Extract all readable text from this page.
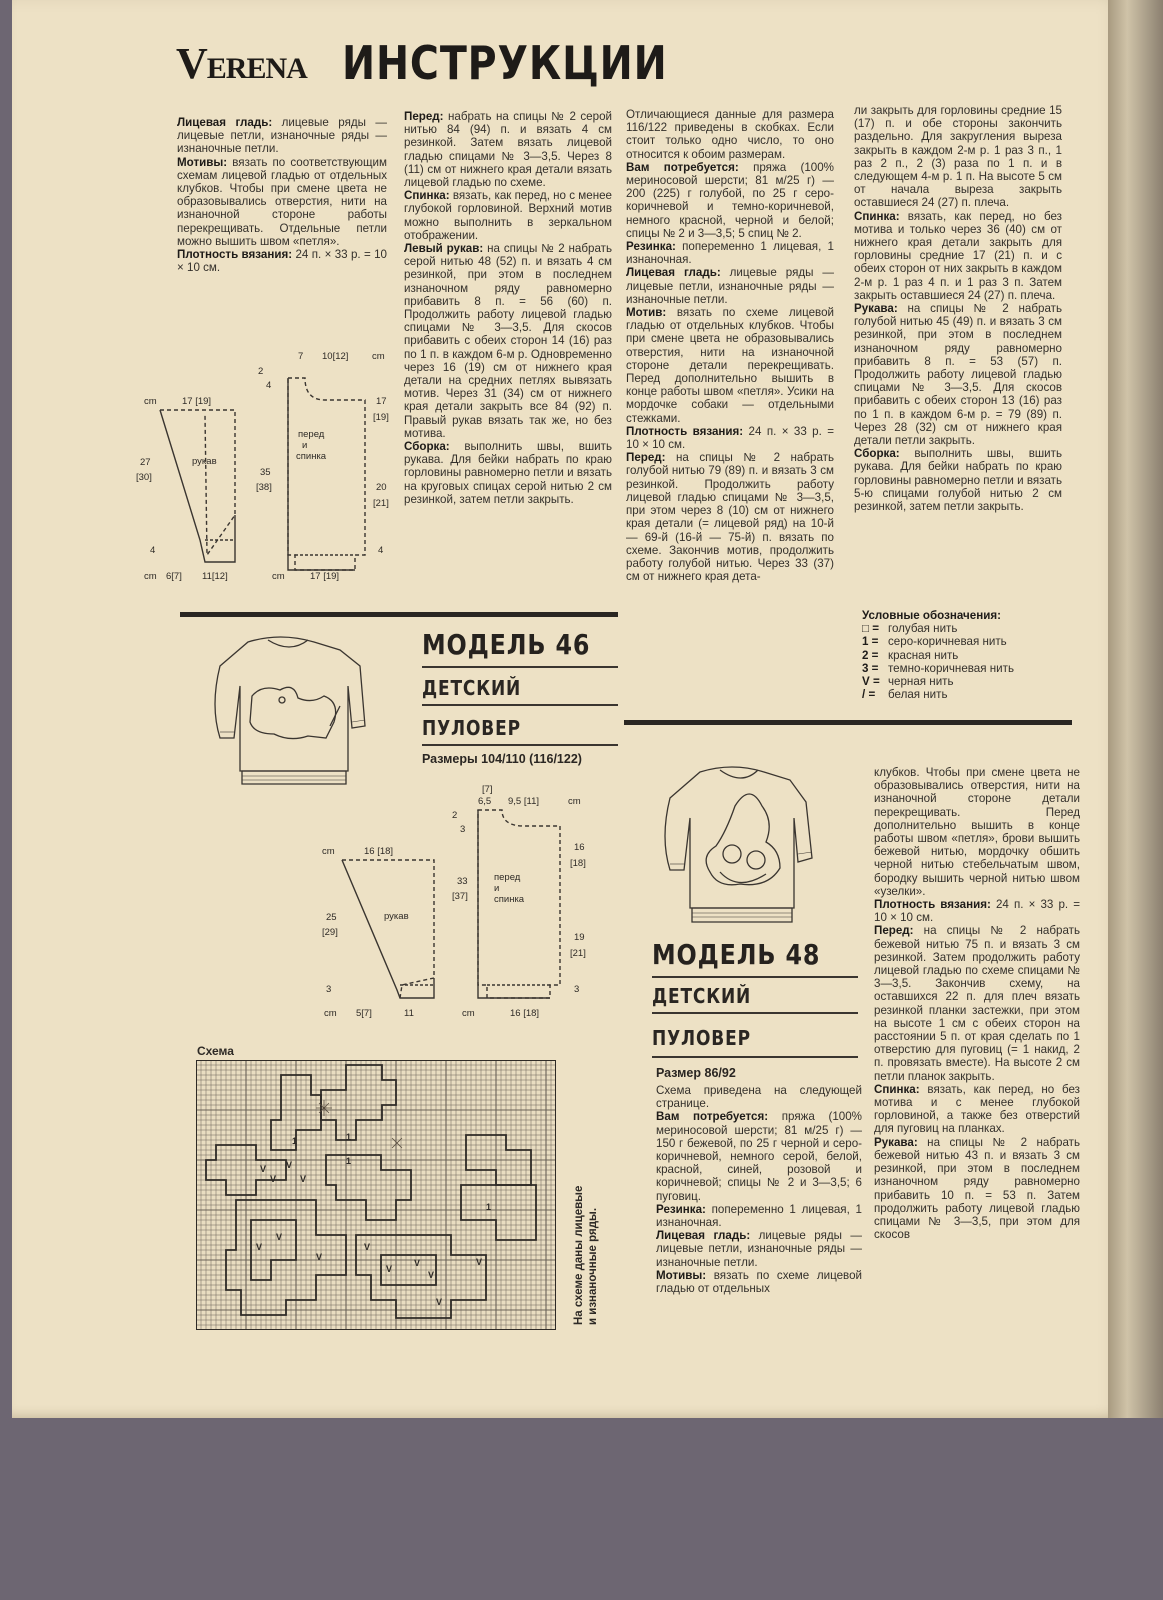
VERENA ИНСТРУКЦИИ

Лицевая гладь: лицевые ряды — лицевые петли, изнаночные ряды — изнаночные петли.

Мотивы: вязать по соответствующим схемам лицевой гладью от отдельных клубков. Чтобы при смене цвета не образовывались отверстия, нити на изнаночной стороне работы перекрещивать. Отдельные петли можно вышить швом «петля».

Плотность вязания: 24 п. × 33 р. = 10 × 10 см.

Перед: набрать на спицы № 2 серой нитью 84 (94) п. и вязать 4 см резинкой. Затем вязать лицевой гладью спицами № 3—3,5. Через 8 (11) см от нижнего края детали вязать лицевой гладью по схеме.

Спинка: вязать, как перед, но с менее глубокой горловиной. Верхний мотив можно выполнить в зеркальном отображении.

Левый рукав: на спицы № 2 набрать серой нитью 48 (52) п. и вязать 4 см резинкой, при этом в последнем изнаночном ряду равномерно прибавить 8 п. = 56 (60) п. Продолжить работу лицевой гладью спицами № 3—3,5. Для скосов прибавить с обеих сторон 14 (16) раз по 1 п. в каждом 6-м р. Одновременно через 16 (19) см от нижнего края детали на средних петлях вывязать мотив. Через 31 (34) см от нижнего края детали закрыть все 84 (92) п. Правый рукав вязать так же, но без мотива.

Сборка: выполнить швы, вшить рукава. Для бейки набрать по краю горловины равномерно петли и вязать на круговых спицах серой нитью 2 см резинкой, затем петли закрыть.

Отличающиеся данные для размера 116/122 приведены в скобках. Если стоит только одно число, то оно относится к обоим размерам.

Вам потребуется: пряжа (100% мериносовой шерсти; 81 м/25 г) — 200 (225) г голубой, по 25 г серо-коричневой и темно-коричневой, немного красной, черной и белой; спицы № 2 и 3—3,5; 5 спиц № 2.

Резинка: попеременно 1 лицевая, 1 изнаночная.

Лицевая гладь: лицевые ряды — лицевые петли, изнаночные ряды — изнаночные петли.

Мотив: вязать по схеме лицевой гладью от отдельных клубков. Чтобы при смене цвета не образовывались отверстия, нити на изнаночной стороне детали перекрещивать. Перед дополнительно вышить в конце работы швом «петля». Усики на мордочке собаки — отдельными стежками.

Плотность вязания: 24 п. × 33 р. = 10 × 10 см.

Перед: на спицы № 2 набрать голубой нитью 79 (89) п. и вязать 3 см резинкой. Продолжить работу лицевой гладью спицами № 3—3,5, при этом через 8 (10) см от нижнего края детали (= лицевой ряд) на 10-й — 69-й (16-й — 75-й) п. вязать по схеме. Закончив мотив, продолжить работу голубой нитью. Через 33 (37) см от нижнего края дета-

ли закрыть для горловины средние 15 (17) п. и обе стороны закончить раздельно. Для закругления выреза закрыть в каждом 2-м р. 1 раз 3 п., 1 раз 2 п., 2 (3) раза по 1 п. и в следующем 4-м р. 1 п. На высоте 5 см от начала выреза закрыть оставшиеся 24 (27) п. плеча.

Спинка: вязать, как перед, но без мотива и только через 36 (40) см от нижнего края детали закрыть для горловины средние 17 (21) п. и с обеих сторон от них закрыть в каждом 2-м р. 1 раз 4 п. и 1 раз 3 п. Затем закрыть оставшиеся 24 (27) п. плеча.

Рукава: на спицы № 2 набрать голубой нитью 45 (49) п. и вязать 3 см резинкой, при этом в последнем изнаночном ряду равномерно прибавить 8 п. = 53 (57) п. Продолжить работу лицевой гладью спицами № 3—3,5. Для скосов прибавить с обеих сторон 13 (16) раз по 1 п. в каждом 6-м р. = 79 (89) п. Через 28 (32) см от нижнего края детали петли закрыть.

Сборка: выполнить швы, вшить рукава. Для бейки набрать по краю горловины равномерно петли и вязать 5-ю спицами голубой нитью 2 см резинкой, затем петли закрыть.

Условные обозначения:

□ = голубая нить

1 = серо-коричневая нить

2 = красная нить

3 = темно-коричневая нить

V = черная нить

/ = белая нить

cm	17 [19]
27
[30]
рукав
4
cm 6[7] 11[12]
7 10[12] cm
2
4
35
[38]
перед
и
спинка
17
[19]
20
[21]
4
cm	17 [19]
МОДЕЛЬ 46
ДЕТСКИЙ
ПУЛОВЕР
Размеры 104/110 (116/122)
[7]
6,5 9,5 [11]	cm
2
3
cm	16 [18]
25
[29]
рукав
3
cm 5[7]	11
33
[37]
перед
и
спинка
16
[18]
19
[21]
3
cm	16 [18]
Схема
V
V
V
V
V
V
V
V
V
V
V
1
1
1
1
V
V	На схеме даны лицевые и изнаночные ряды.
МОДЕЛЬ 48
ДЕТСКИЙ
ПУЛОВЕР
Размер 86/92

Схема приведена на следующей странице.

Вам потребуется: пряжа (100% мериносовой шерсти; 81 м/25 г) — 150 г бежевой, по 25 г черной и серо-коричневой, немного серой, белой, красной, синей, розовой и коричневой; спицы № 2 и 3—3,5; 6 пуговиц.

Резинка: попеременно 1 лицевая, 1 изнаночная.

Лицевая гладь: лицевые ряды — лицевые петли, изнаночные ряды — изнаночные петли.

Мотивы: вязать по схеме лицевой гладью от отдельных

клубков. Чтобы при смене цвета не образовывались отверстия, нити на изнаночной стороне детали перекрещивать. Перед дополнительно вышить в конце работы швом «петля», брови вышить бежевой нитью, мордочку обшить черной нитью стебельчатым швом, бородку вышить черной нитью швом «узелки».

Плотность вязания: 24 п. × 33 р. = 10 × 10 см.

Перед: на спицы № 2 набрать бежевой нитью 75 п. и вязать 3 см резинкой. Затем продолжить работу лицевой гладью по схеме спицами № 3—3,5. Закончив схему, на оставшихся 22 п. для плеч вязать резинкой планки застежки, при этом на высоте 1 см с обеих сторон на расстоянии 5 п. от края сделать по 1 отверстию для пуговиц (= 1 накид, 2 п. провязать вместе). На высоте 2 см петли планок закрыть.

Спинка: вязать, как перед, но без мотива и с менее глубокой горловиной, а также без отверстий для пуговиц на планках.

Рукава: на спицы № 2 набрать бежевой нитью 43 п. и вязать 3 см резинкой, при этом в последнем изнаночном ряду равномерно прибавить 10 п. = 53 п. Затем продолжить работу лицевой гладью спицами № 3—3,5, при этом для скосов
